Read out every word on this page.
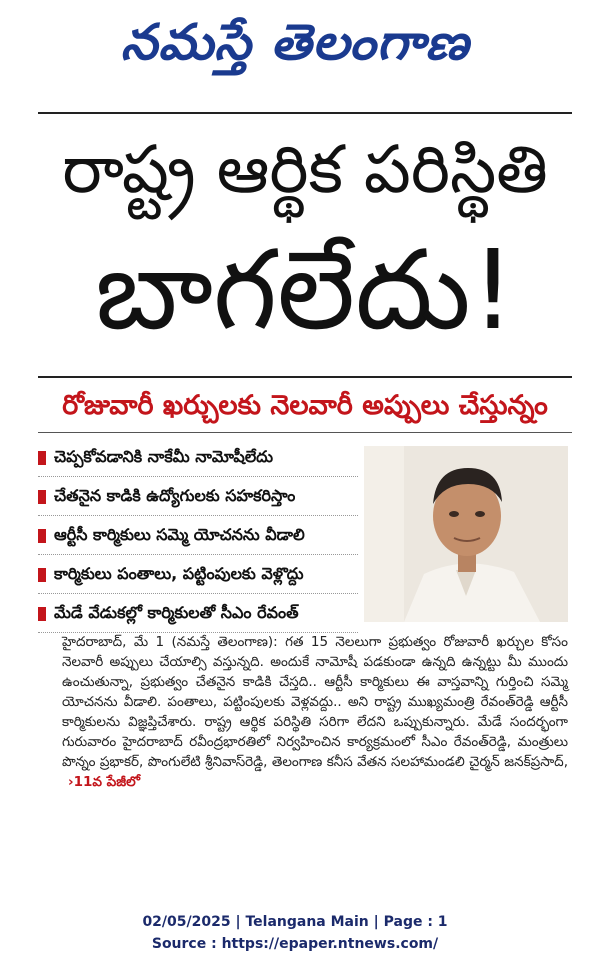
నమస్తే తెలంగాణ
రాష్ట్ర ఆర్థిక పరిస్థితి
బాగలేదు!
రోజువారీ ఖర్చులకు నెలవారీ అప్పులు చేస్తున్నం
చెప్పకోవడానికి నాకేమీ నామోషీలేదు
చేతనైన కాడికి ఉద్యోగులకు సహకరిస్తాం
ఆర్టీసీ కార్మికులు సమ్మె యోచనను వీడాలి
కార్మికులు పంతాలు, పట్టింపులకు వెళ్లొద్దు
మేడే వేడుకల్లో కార్మికులతో సీఎం రేవంత్
హైదరాబాద్, మే 1 (నమస్తే తెలంగాణ): గత 15 నెలలుగా ప్రభుత్వం రోజువారీ ఖర్చుల కోసం నెలవారీ అప్పులు చేయాల్సి వస్తున్నది. అందుకే నామోషీ పడకుండా ఉన్నది ఉన్నట్టు మీ ముందు ఉంచుతున్నా, ప్రభుత్వం చేతనైన కాడికి చేస్తది.. ఆర్టీసీ కార్మికులు ఈ వాస్తవాన్ని గుర్తించి సమ్మె యోచనను వీడాలి. పంతాలు, పట్టింపులకు వెళ్లవద్దు.. అని రాష్ట్ర ముఖ్యమంత్రి రేవంత్‌రెడ్డి ఆర్టీసీ కార్మికులను విజ్ఞప్తిచేశారు. రాష్ట్ర ఆర్థిక పరిస్థితి సరిగా లేదని ఒప్పుకున్నారు. మేడే సందర్భంగా గురువారం హైదరాబాద్ రవీంద్రభారతిలో నిర్వహించిన కార్యక్రమంలో సీఎం రేవంత్‌రెడ్డి, మంత్రులు పొన్నం ప్రభాకర్, పొంగులేటి శ్రీనివాస్‌రెడ్డి, తెలంగాణ కనీస వేతన సలహామండలి చైర్మన్ జనక్‌ప్రసాద్, ›11వ పేజీలో
02/05/2025 | Telangana Main | Page : 1
Source : https://epaper.ntnews.com/
